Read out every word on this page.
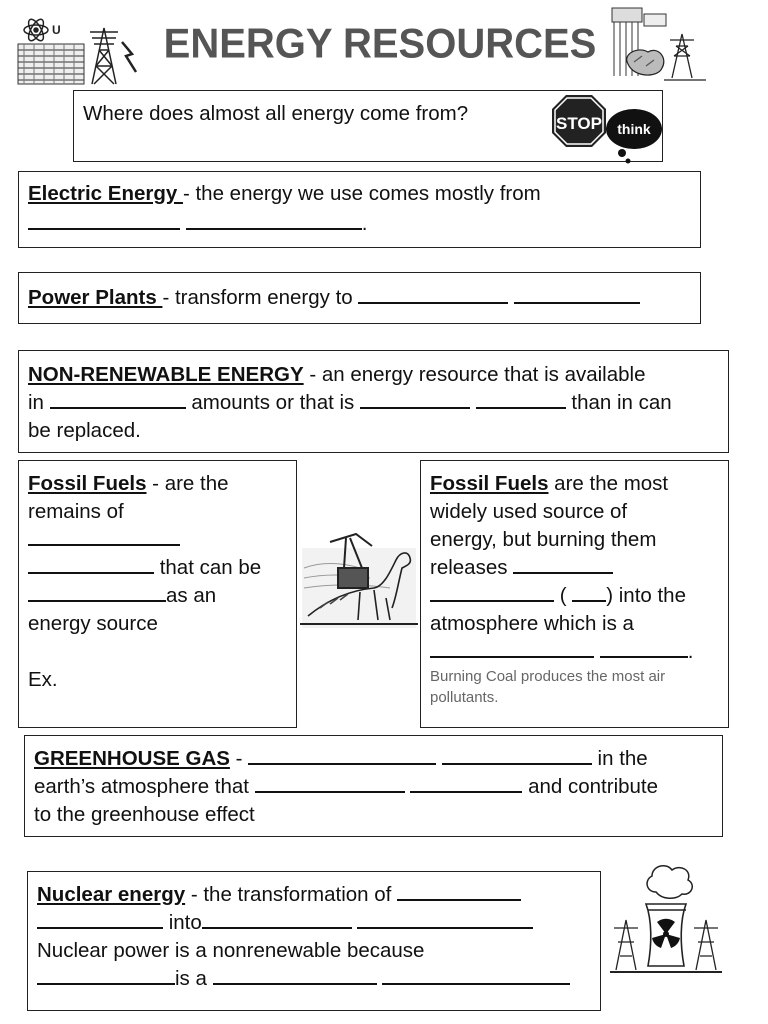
U	ENERGY RESOURCES
Where does almost all energy come from?	STOP think
Electric Energy - the energy we use comes mostly from
.
Power Plants - transform energy to
NON-RENEWABLE ENERGY - an energy resource that is available
in	amounts or that is	than in can
be replaced.
Fossil Fuels - are the
remains of
that can be
as an
energy source
Ex.
Fossil Fuels are the most
widely used source of
energy, but burning them
releases
( ) into the
atmosphere which is a
.
Burning Coal produces the most air pollutants.
GREENHOUSE GAS -	in the
earth’s atmosphere that	and contribute
to the greenhouse effect
Nuclear energy - the transformation of
into
Nuclear power is a nonrenewable because
is a
